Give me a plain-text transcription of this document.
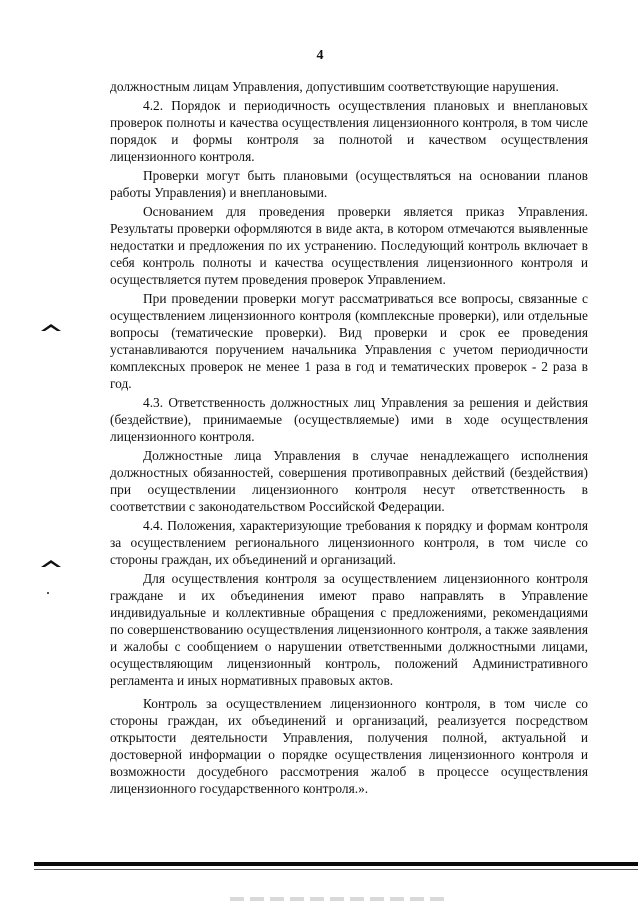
4

должностным лицам Управления, допустившим соответствующие нарушения.

4.2. Порядок и периодичность осуществления плановых и внеплановых проверок полноты и качества осуществления лицензионного контроля, в том числе порядок и формы контроля за полнотой и качеством осуществления лицензионного контроля.

Проверки могут быть плановыми (осуществляться на основании планов работы Управления) и внеплановыми.

Основанием для проведения проверки является приказ Управления. Результаты проверки оформляются в виде акта, в котором отмечаются выявленные недостатки и предложения по их устранению. Последующий контроль включает в себя контроль полноты и качества осуществления лицензионного контроля и осуществляется путем проведения проверок Управлением.

При проведении проверки могут рассматриваться все вопросы, связанные с осуществлением лицензионного контроля (комплексные проверки), или отдельные вопросы (тематические проверки). Вид проверки и срок ее проведения устанавливаются поручением начальника Управления с учетом периодичности комплексных проверок не менее 1 раза в год и тематических проверок - 2 раза в год.

4.3. Ответственность должностных лиц Управления за решения и действия (бездействие), принимаемые (осуществляемые) ими в ходе осуществления лицензионного контроля.

Должностные лица Управления в случае ненадлежащего исполнения должностных обязанностей, совершения противоправных действий (бездействия) при осуществлении лицензионного контроля несут ответственность в соответствии с законодательством Российской Федерации.

4.4. Положения, характеризующие требования к порядку и формам контроля за осуществлением регионального лицензионного контроля, в том числе со стороны граждан, их объединений и организаций.

Для осуществления контроля за осуществлением лицензионного контроля граждане и их объединения имеют право направлять в Управление индивидуальные и коллективные обращения с предложениями, рекомендациями по совершенствованию осуществления лицензионного контроля, а также заявления и жалобы с сообщением о нарушении ответственными должностными лицами, осуществляющим лицензионный контроль, положений Административного регламента и иных нормативных правовых актов.

Контроль за осуществлением лицензионного контроля, в том числе со стороны граждан, их объединений и организаций, реализуется посредством открытости деятельности Управления, получения полной, актуальной и достоверной информации о порядке осуществления лицензионного контроля и возможности досудебного рассмотрения жалоб в процессе осуществления лицензионного государственного контроля.».
